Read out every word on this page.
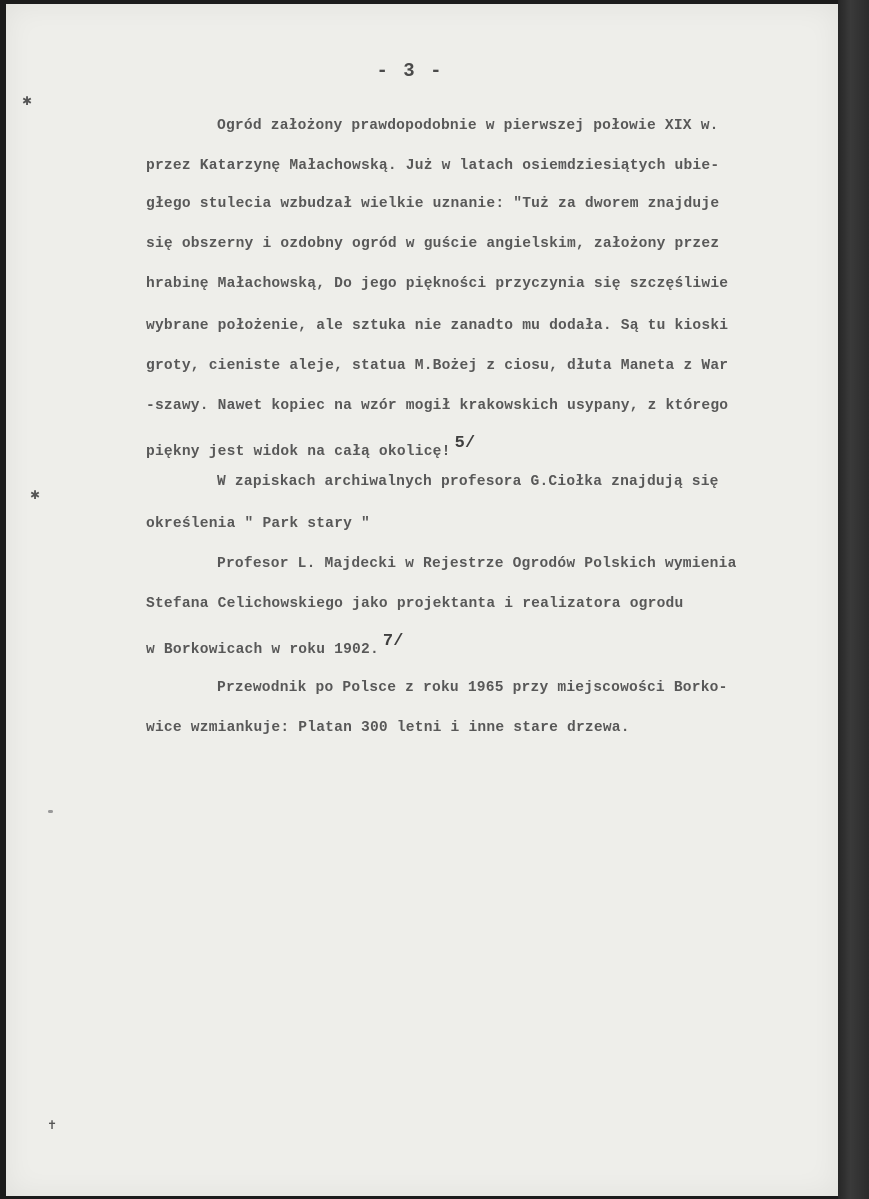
✱
✱
✝
- 3 -
Ogród założony prawdopodobnie w pierwszej połowie XIX w.
przez Katarzynę Małachowską. Już w latach osiemdziesiątych ubie-
głego stulecia wzbudzał wielkie uznanie: "Tuż za dworem znajduje
się obszerny i ozdobny ogród w guście angielskim, założony przez
hrabinę Małachowską, Do jego piękności przyczynia się szczęśliwie
wybrane położenie, ale sztuka nie zanadto mu dodała. Są tu kioski
groty, cieniste aleje, statua M.Bożej z ciosu, dłuta Maneta z War
-szawy. Nawet kopiec na wzór mogił krakowskich usypany, z którego
piękny jest widok na całą okolicę! $^{5/}$
W zapiskach archiwalnych profesora G.Ciołka znajdują się
określenia " Park stary "
Profesor L. Majdecki w Rejestrze Ogrodów Polskich wymienia
Stefana Celichowskiego jako projektanta i realizatora ogrodu
w Borkowicach w roku 1902. $^{7/}$
Przewodnik po Polsce z roku 1965 przy miejscowości Borko-
wice wzmiankuje: Platan 300 letni i inne stare drzewa.
